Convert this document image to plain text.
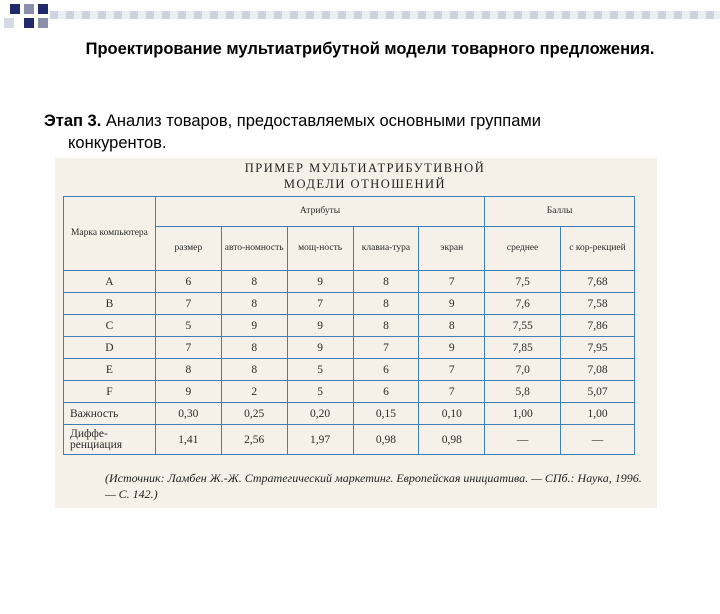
Проектирование мультиатрибутной модели товарного предложения.
Этап 3. Анализ товаров, предоставляемых основными группами
конкурентов.
ПРИМЕР МУЛЬТИАТРИБУТИВНОЙ
МОДЕЛИ ОТНОШЕНИЙ
Марка компьютера	Атрибуты					Баллы	
	размер	авто-номность	мощ-ность	клавиа-тура	экран	среднее	с кор-рекцией
A	6	8	9	8	7	7,5	7,68
B	7	8	7	8	9	7,6	7,58
C	5	9	9	8	8	7,55	7,86
D	7	8	9	7	9	7,85	7,95
E	8	8	5	6	7	7,0	7,08
F	9	2	5	6	7	5,8	5,07
Важность	0,30	0,25	0,20	0,15	0,10	1,00	1,00
Диффе-ренциация	1,41	2,56	1,97	0,98	0,98	—	—
(Источник: Ламбен Ж.-Ж. Стратегический маркетинг. Европейская инициатива. — СПб.: Наука, 1996. — С. 142.)
